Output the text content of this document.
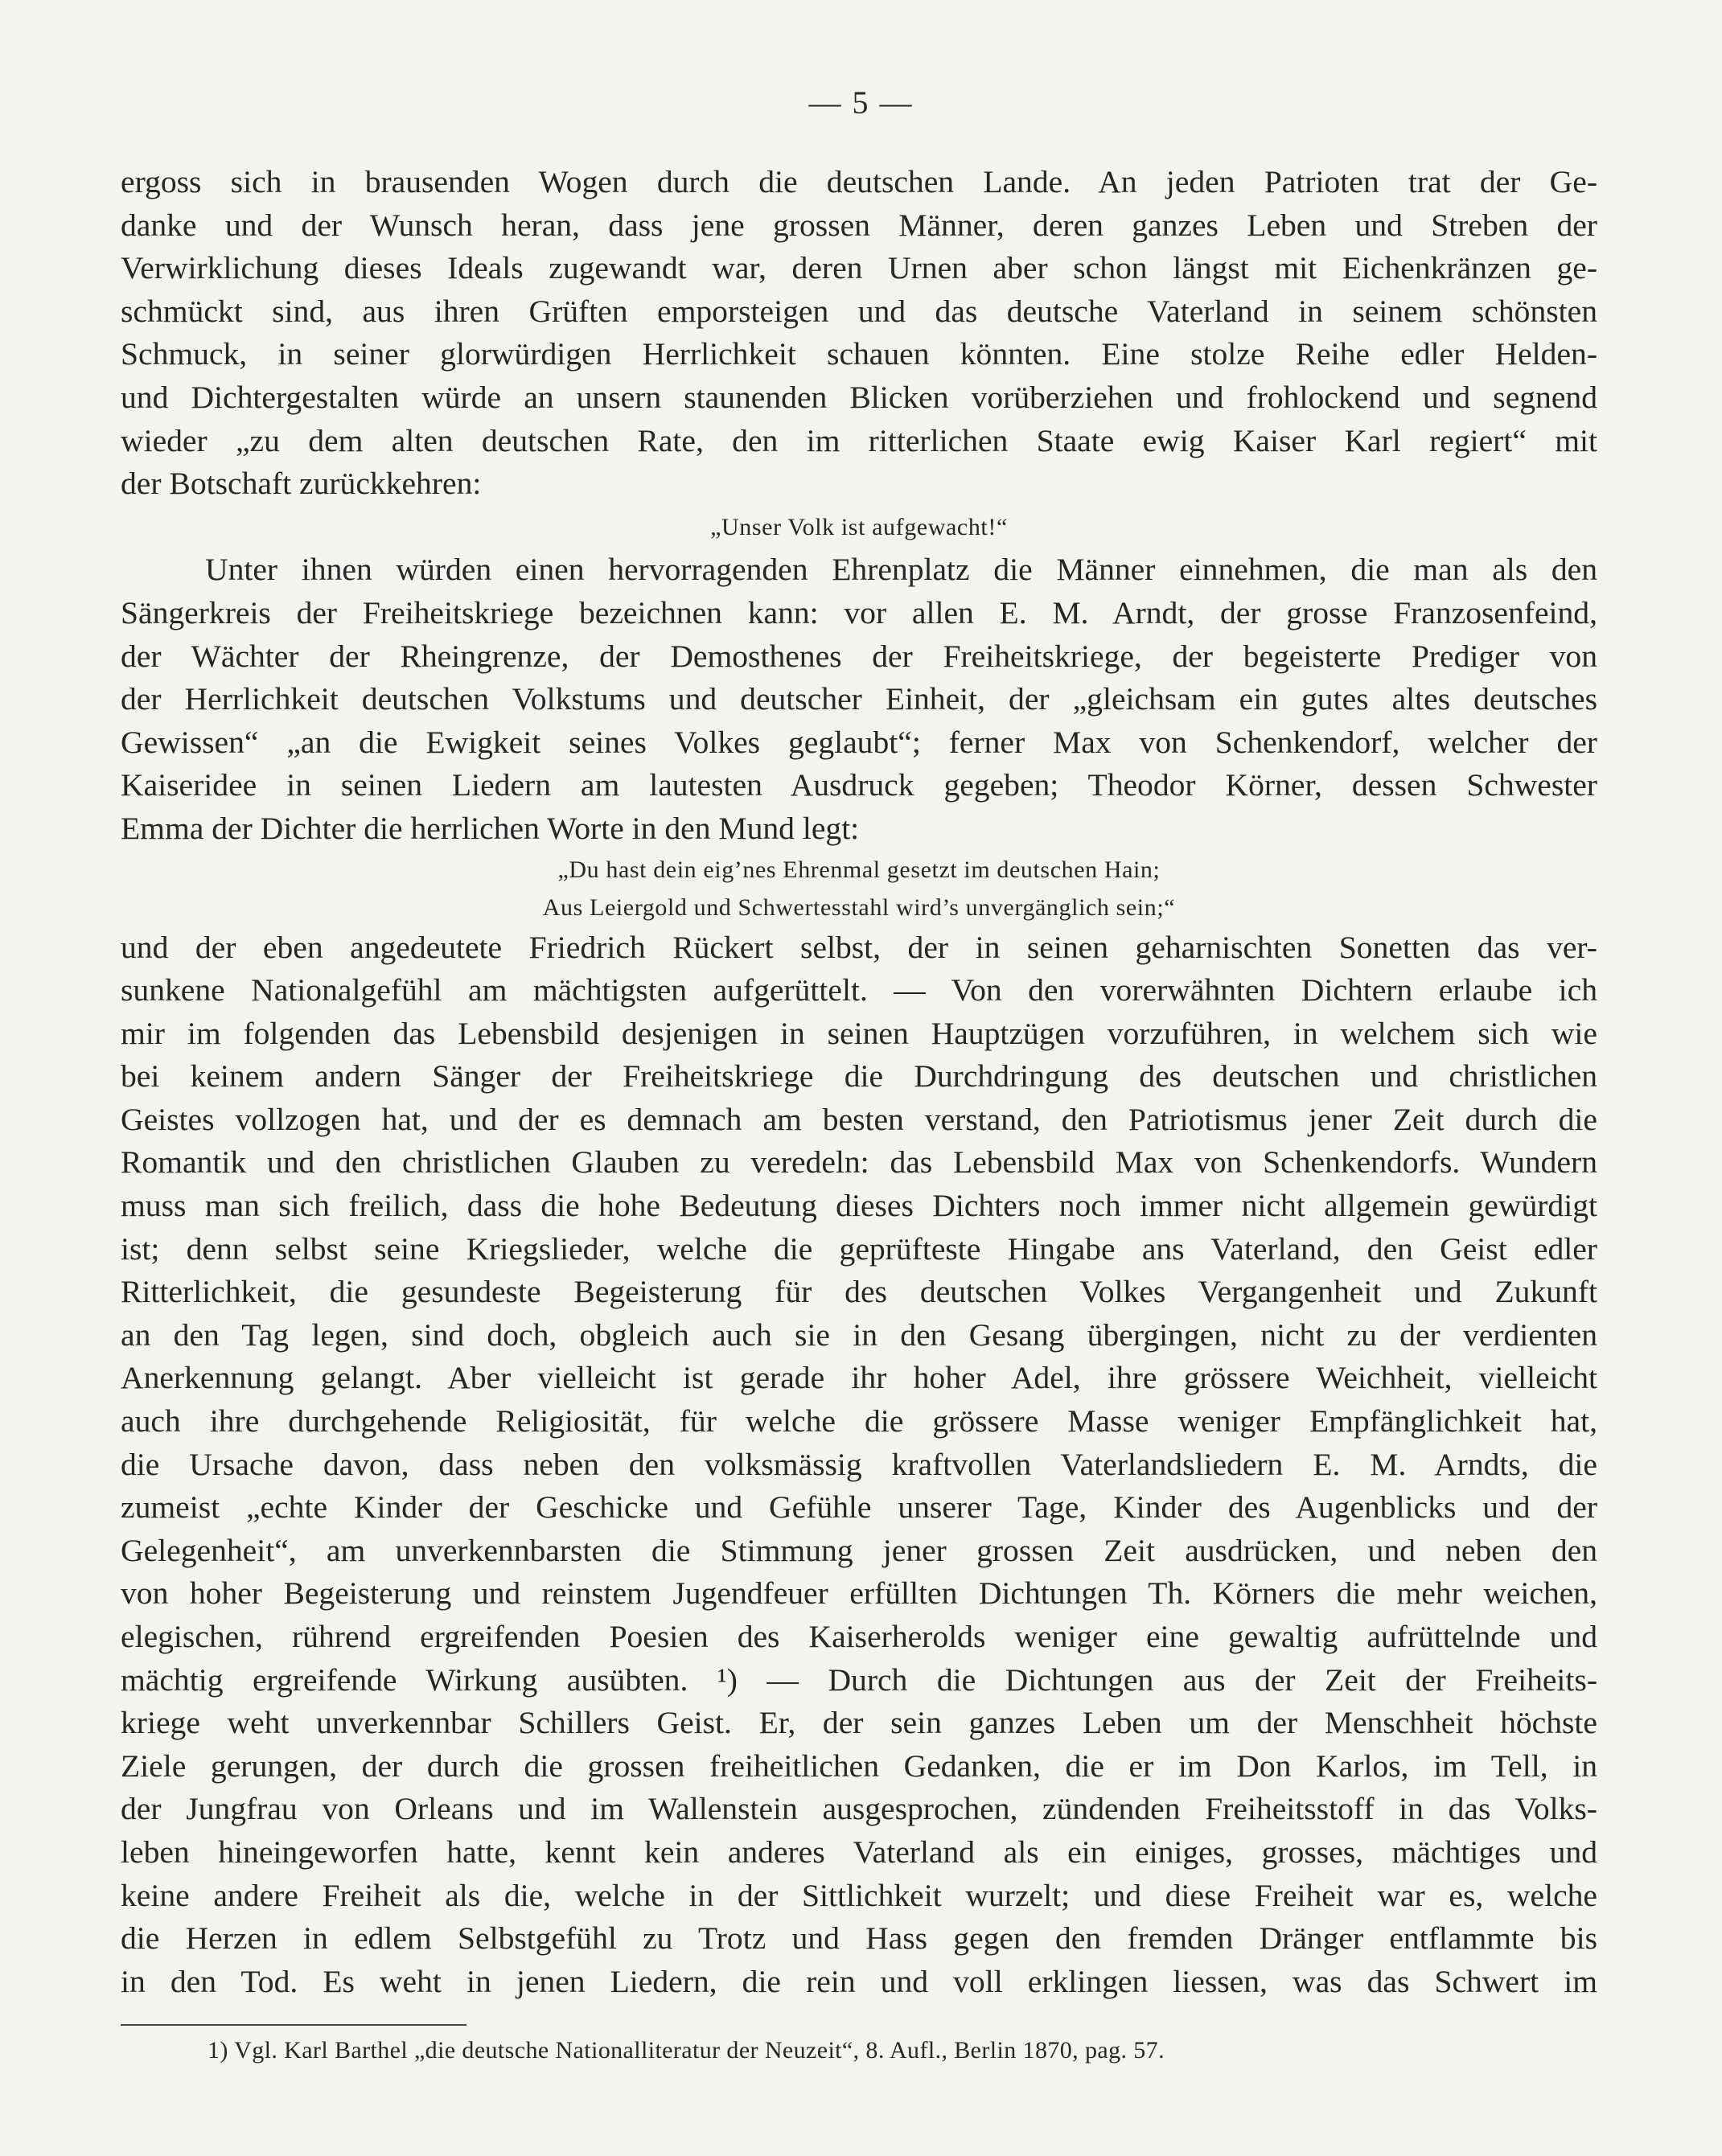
— 5 —
ergoss sich in brausenden Wogen durch die deutschen Lande. An jeden Patrioten trat der Ge-
danke und der Wunsch heran, dass jene grossen Männer, deren ganzes Leben und Streben der
Verwirklichung dieses Ideals zugewandt war, deren Urnen aber schon längst mit Eichenkränzen ge-
schmückt sind, aus ihren Grüften emporsteigen und das deutsche Vaterland in seinem schönsten
Schmuck, in seiner glorwürdigen Herrlichkeit schauen könnten. Eine stolze Reihe edler Helden-
und Dichtergestalten würde an unsern staunenden Blicken vorüberziehen und frohlockend und segnend
wieder „zu dem alten deutschen Rate, den im ritterlichen Staate ewig Kaiser Karl regiert“ mit
der Botschaft zurückkehren:
„Unser Volk ist aufgewacht!“
Unter ihnen würden einen hervorragenden Ehrenplatz die Männer einnehmen, die man als den
Sängerkreis der Freiheitskriege bezeichnen kann: vor allen E. M. Arndt, der grosse Franzosenfeind,
der Wächter der Rheingrenze, der Demosthenes der Freiheitskriege, der begeisterte Prediger von
der Herrlichkeit deutschen Volkstums und deutscher Einheit, der „gleichsam ein gutes altes deutsches
Gewissen“ „an die Ewigkeit seines Volkes geglaubt“; ferner Max von Schenkendorf, welcher der
Kaiseridee in seinen Liedern am lautesten Ausdruck gegeben; Theodor Körner, dessen Schwester
Emma der Dichter die herrlichen Worte in den Mund legt:
„Du hast dein eig’nes Ehrenmal gesetzt im deutschen Hain;
Aus Leiergold und Schwertesstahl wird’s unvergänglich sein;“
und der eben angedeutete Friedrich Rückert selbst, der in seinen geharnischten Sonetten das ver-
sunkene Nationalgefühl am mächtigsten aufgerüttelt. — Von den vorerwähnten Dichtern erlaube ich
mir im folgenden das Lebensbild desjenigen in seinen Hauptzügen vorzuführen, in welchem sich wie
bei keinem andern Sänger der Freiheitskriege die Durchdringung des deutschen und christlichen
Geistes vollzogen hat, und der es demnach am besten verstand, den Patriotismus jener Zeit durch die
Romantik und den christlichen Glauben zu veredeln: das Lebensbild Max von Schenkendorfs. Wundern
muss man sich freilich, dass die hohe Bedeutung dieses Dichters noch immer nicht allgemein gewürdigt
ist; denn selbst seine Kriegslieder, welche die geprüfteste Hingabe ans Vaterland, den Geist edler
Ritterlichkeit, die gesundeste Begeisterung für des deutschen Volkes Vergangenheit und Zukunft
an den Tag legen, sind doch, obgleich auch sie in den Gesang übergingen, nicht zu der verdienten
Anerkennung gelangt. Aber vielleicht ist gerade ihr hoher Adel, ihre grössere Weichheit, vielleicht
auch ihre durchgehende Religiosität, für welche die grössere Masse weniger Empfänglichkeit hat,
die Ursache davon, dass neben den volksmässig kraftvollen Vaterlandsliedern E. M. Arndts, die
zumeist „echte Kinder der Geschicke und Gefühle unserer Tage, Kinder des Augenblicks und der
Gelegenheit“, am unverkennbarsten die Stimmung jener grossen Zeit ausdrücken, und neben den
von hoher Begeisterung und reinstem Jugendfeuer erfüllten Dichtungen Th. Körners die mehr weichen,
elegischen, rührend ergreifenden Poesien des Kaiserherolds weniger eine gewaltig aufrüttelnde und
mächtig ergreifende Wirkung ausübten. ¹) — Durch die Dichtungen aus der Zeit der Freiheits-
kriege weht unverkennbar Schillers Geist. Er, der sein ganzes Leben um der Menschheit höchste
Ziele gerungen, der durch die grossen freiheitlichen Gedanken, die er im Don Karlos, im Tell, in
der Jungfrau von Orleans und im Wallenstein ausgesprochen, zündenden Freiheitsstoff in das Volks-
leben hineingeworfen hatte, kennt kein anderes Vaterland als ein einiges, grosses, mächtiges und
keine andere Freiheit als die, welche in der Sittlichkeit wurzelt; und diese Freiheit war es, welche
die Herzen in edlem Selbstgefühl zu Trotz und Hass gegen den fremden Dränger entflammte bis
in den Tod. Es weht in jenen Liedern, die rein und voll erklingen liessen, was das Schwert im
1) Vgl. Karl Barthel „die deutsche Nationalliteratur der Neuzeit“, 8. Aufl., Berlin 1870, pag. 57.
